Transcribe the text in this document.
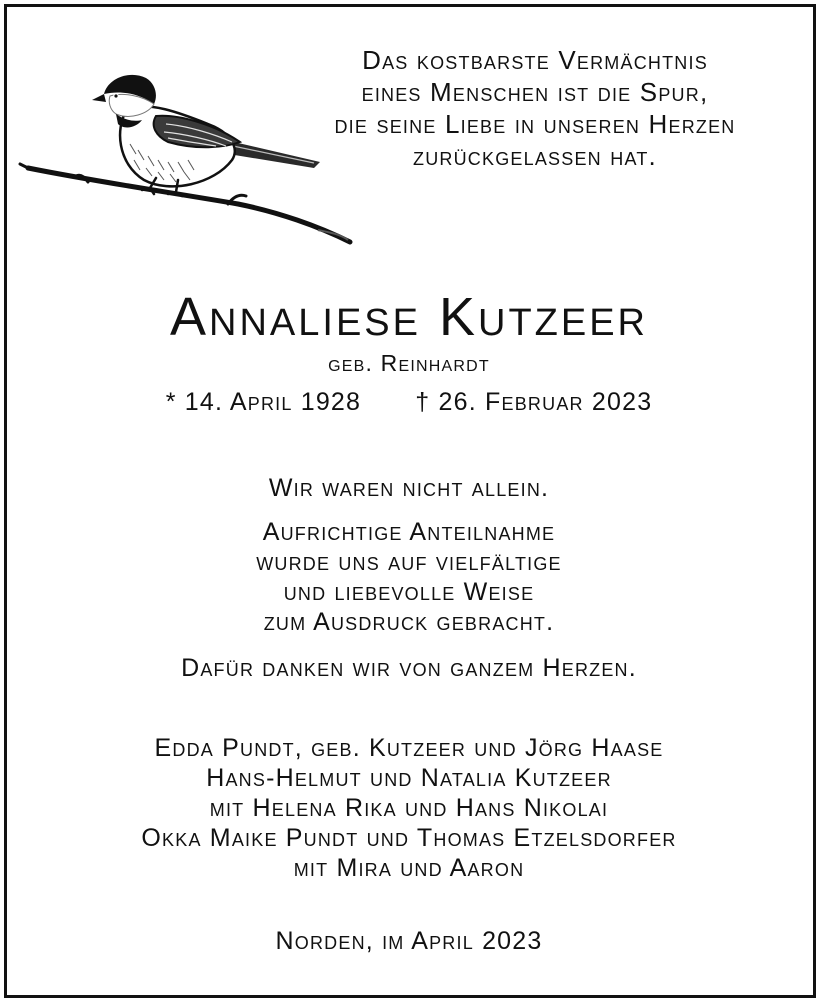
Das kostbarste Vermächtnis
eines Menschen ist die Spur,
die seine Liebe in unseren Herzen
zurückgelassen hat.
Annaliese Kutzeer
geb. Reinhardt
* 14. April 1928 † 26. Februar 2023
Wir waren nicht allein.
Aufrichtige Anteilnahme
wurde uns auf vielfältige
und liebevolle Weise
zum Ausdruck gebracht.
Dafür danken wir von ganzem Herzen.
Edda Pundt, geb. Kutzeer und Jörg Haase
Hans-Helmut und Natalia Kutzeer
mit Helena Rika und Hans Nikolai
Okka Maike Pundt und Thomas Etzelsdorfer
mit Mira und Aaron
Norden, im April 2023
